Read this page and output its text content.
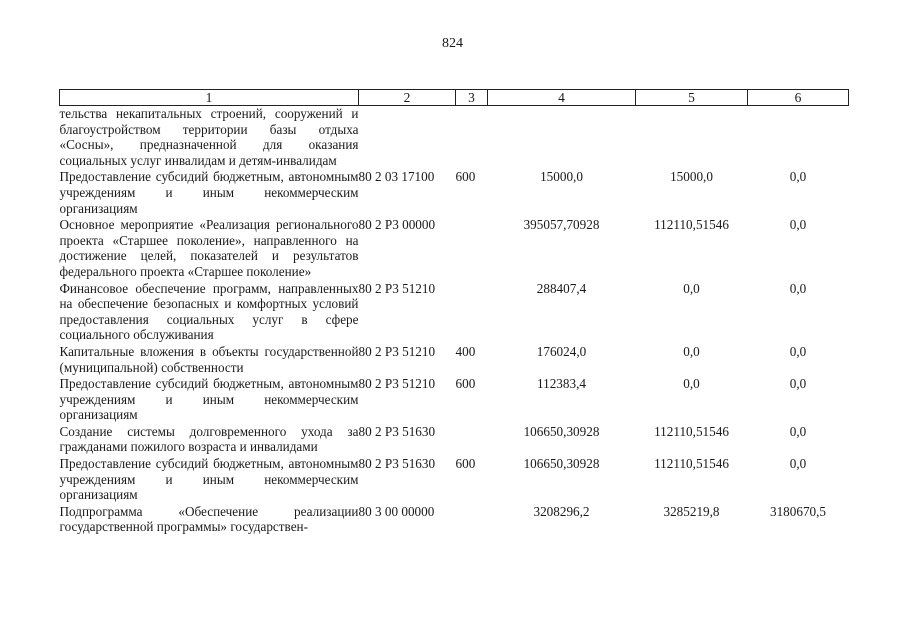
824
1	2	3	4	5	6
тельства некапитальных строений, сооружений и благоустройством территории базы отдыха «Сосны», предназначенной для оказания социальных услуг инвалидам и детям-инвалидам					
Предоставление субсидий бюджетным, автономным учреждениям и иным некоммерческим организациям	80 2 03 17100	600	15000,0	15000,0	0,0
Основное мероприятие «Реализация регионального проекта «Старшее поколение», направленного на достижение целей, показателей и результатов федерального проекта «Старшее поколение»	80 2 P3 00000		395057,70928	112110,51546	0,0
Финансовое обеспечение программ, направленных на обеспечение безопасных и комфортных условий предоставления социальных услуг в сфере социального обслуживания	80 2 P3 51210		288407,4	0,0	0,0
Капитальные вложения в объекты государственной (муниципальной) собственности	80 2 P3 51210	400	176024,0	0,0	0,0
Предоставление субсидий бюджетным, автономным учреждениям и иным некоммерческим организациям	80 2 P3 51210	600	112383,4	0,0	0,0
Создание системы долговременного ухода за гражданами пожилого возраста и инвалидами	80 2 P3 51630		106650,30928	112110,51546	0,0
Предоставление субсидий бюджетным, автономным учреждениям и иным некоммерческим организациям	80 2 P3 51630	600	106650,30928	112110,51546	0,0
Подпрограмма «Обеспечение реализации государственной программы» государствен-	80 3 00 00000		3208296,2	3285219,8	3180670,5
